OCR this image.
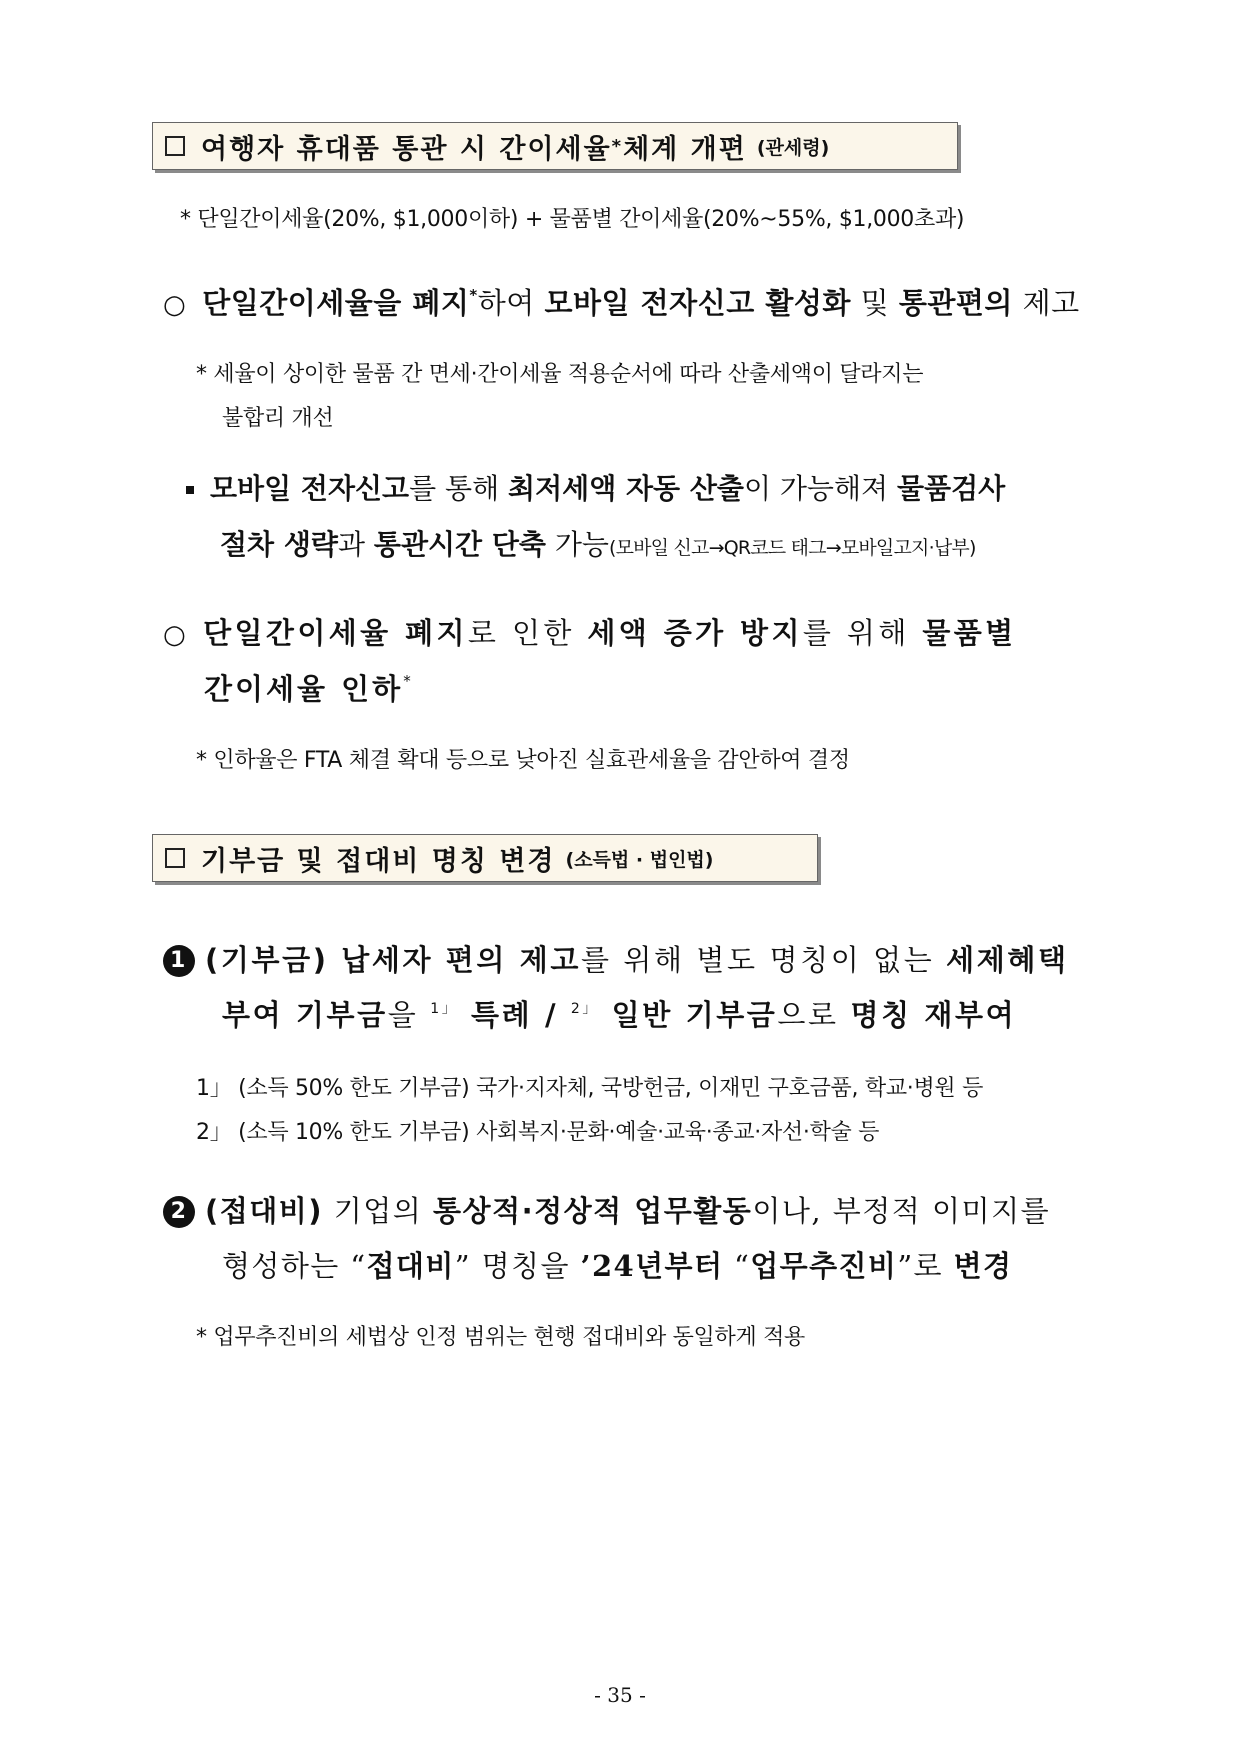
여행자 휴대품 통관 시 간이세율 * 체계 개편 (관세령)
* 단일간이세율(20%, $1,000이하) + 물품별 간이세율(20%~55%, $1,000초과)
○ 단일간이세율을 폐지*하여 모바일 전자신고 활성화 및 통관편의 제고
* 세율이 상이한 물품 간 면세·간이세율 적용순서에 따라 산출세액이 달라지는
불합리 개선
모바일 전자신고를 통해 최저세액 자동 산출이 가능해져 물품검사
절차 생략과 통관시간 단축 가능(모바일 신고→QR코드 태그→모바일고지·납부)
○ 단일간이세율 폐지로 인한 세액 증가 방지를 위해 물품별
간이세율 인하*
* 인하율은 FTA 체결 확대 등으로 낮아진 실효관세율을 감안하여 결정
기부금 및 접대비 명칭 변경 (소득법 · 법인법)
1 (기부금) 납세자 편의 제고를 위해 별도 명칭이 없는 세제혜택
부여 기부금을 $^{1」}$ 특례 / $^{2」}$ 일반 기부금으로 명칭 재부여
1」 (소득 50% 한도 기부금) 국가·지자체, 국방헌금, 이재민 구호금품, 학교·병원 등
2」 (소득 10% 한도 기부금) 사회복지·문화·예술·교육·종교·자선·학술 등
2 (접대비) 기업의 통상적·정상적 업무활동이나, 부정적 이미지를
형성하는 “접대비” 명칭을 ’24년부터 “업무추진비”로 변경
* 업무추진비의 세법상 인정 범위는 현행 접대비와 동일하게 적용
- 35 -
